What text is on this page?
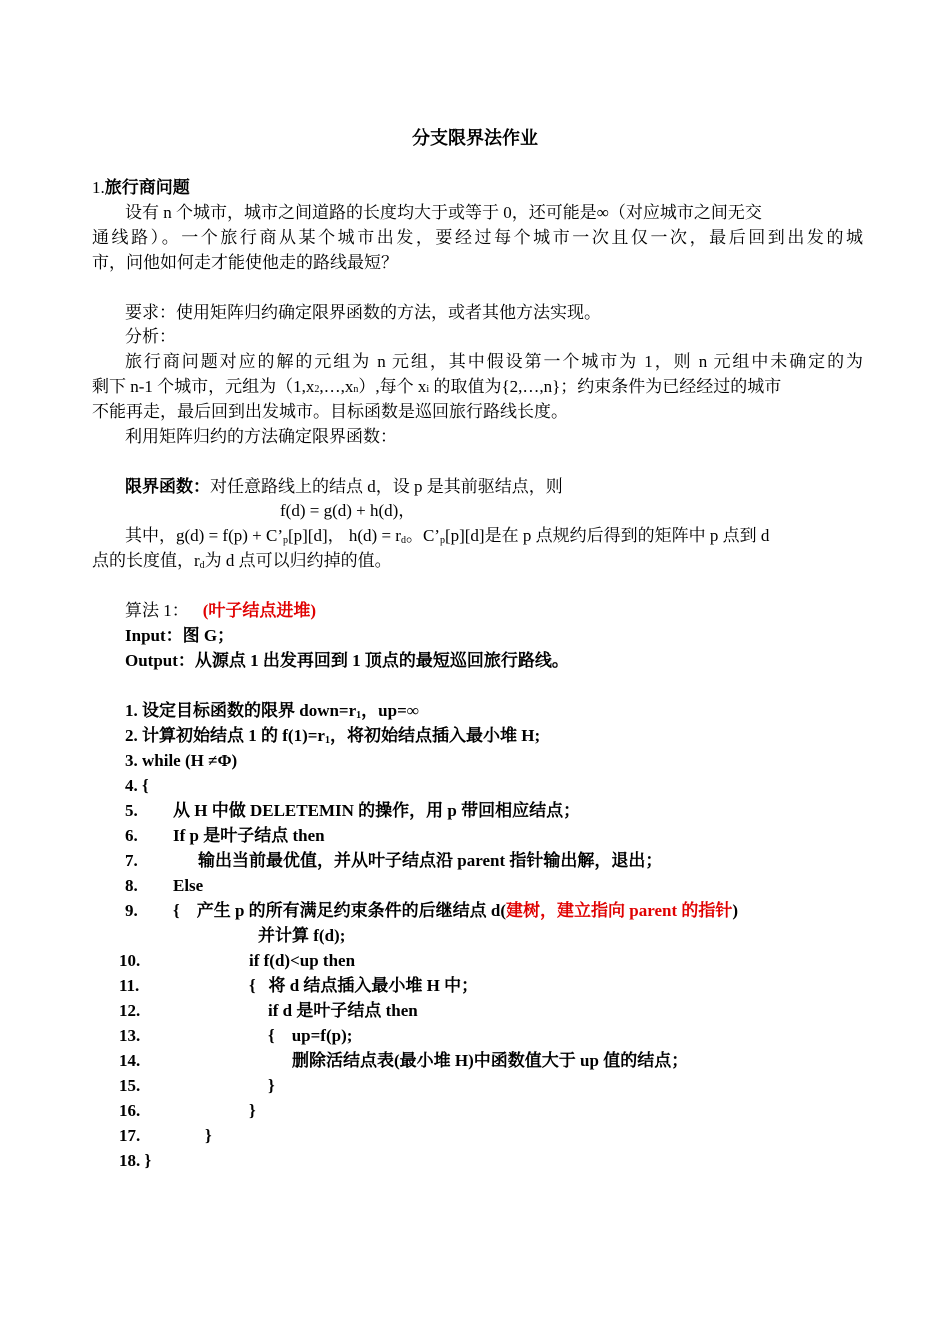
分支限界法作业
1.旅行商问题
设有 n 个城市，城市之间道路的长度均大于或等于 0，还可能是∞（对应城市之间无交
通线路）。一个旅行商从某个城市出发，要经过每个城市一次且仅一次，最后回到出发的城
市，问他如何走才能使他走的路线最短？
要求：使用矩阵归约确定限界函数的方法，或者其他方法实现。
分析：
旅行商问题对应的解的元组为 n 元组，其中假设第一个城市为 1，则 n 元组中未确定的为
剩下 n-1 个城市，元组为（1,x2,…,xn）,每个 xi 的取值为{2,…,n}；约束条件为已经经过的城市
不能再走，最后回到出发城市。目标函数是巡回旅行路线长度。
利用矩阵归约的方法确定限界函数：
限界函数：对任意路线上的结点 d，设 p 是其前驱结点，则
f(d) = g(d) + h(d)，
其中，$g(d) = f(p) + C’_p[p][d]$， $h(d) = r_d$。$C’_p[p][d]$是在 p 点规约后得到的矩阵中 p 点到 d
点的长度值，$r_d$为 d 点可以归约掉的值。
算法 1： (叶子结点进堆)
Input：图 G；
Output：从源点 1 出发再回到 1 顶点的最短巡回旅行路线。
1. 设定目标函数的限界 $down=r_1$，up=∞
2. 计算初始结点 1 的 $f(1)=r_1$，将初始结点插入最小堆 H;
3. while (H ≠Φ)
4. {
5. 从 H 中做 DELETEMIN 的操作，用 p 带回相应结点；
6. If p 是叶子结点 then
7.	输出当前最优值，并从叶子结点沿 parent 指针输出解，退出；
8. Else
9. {    产生 p 的所有满足约束条件的后继结点 d(建树，建立指向 parent 的指针)
并计算 f(d);
10.	if f(d)<up then
11.	{   将 d 结点插入最小堆 H 中；
12.	if d 是叶子结点 then
13.	{    up=f(p);
14.	删除活结点表(最小堆 H)中函数值大于 up 值的结点；
15.	}
16.	}
17.	}
18. }
